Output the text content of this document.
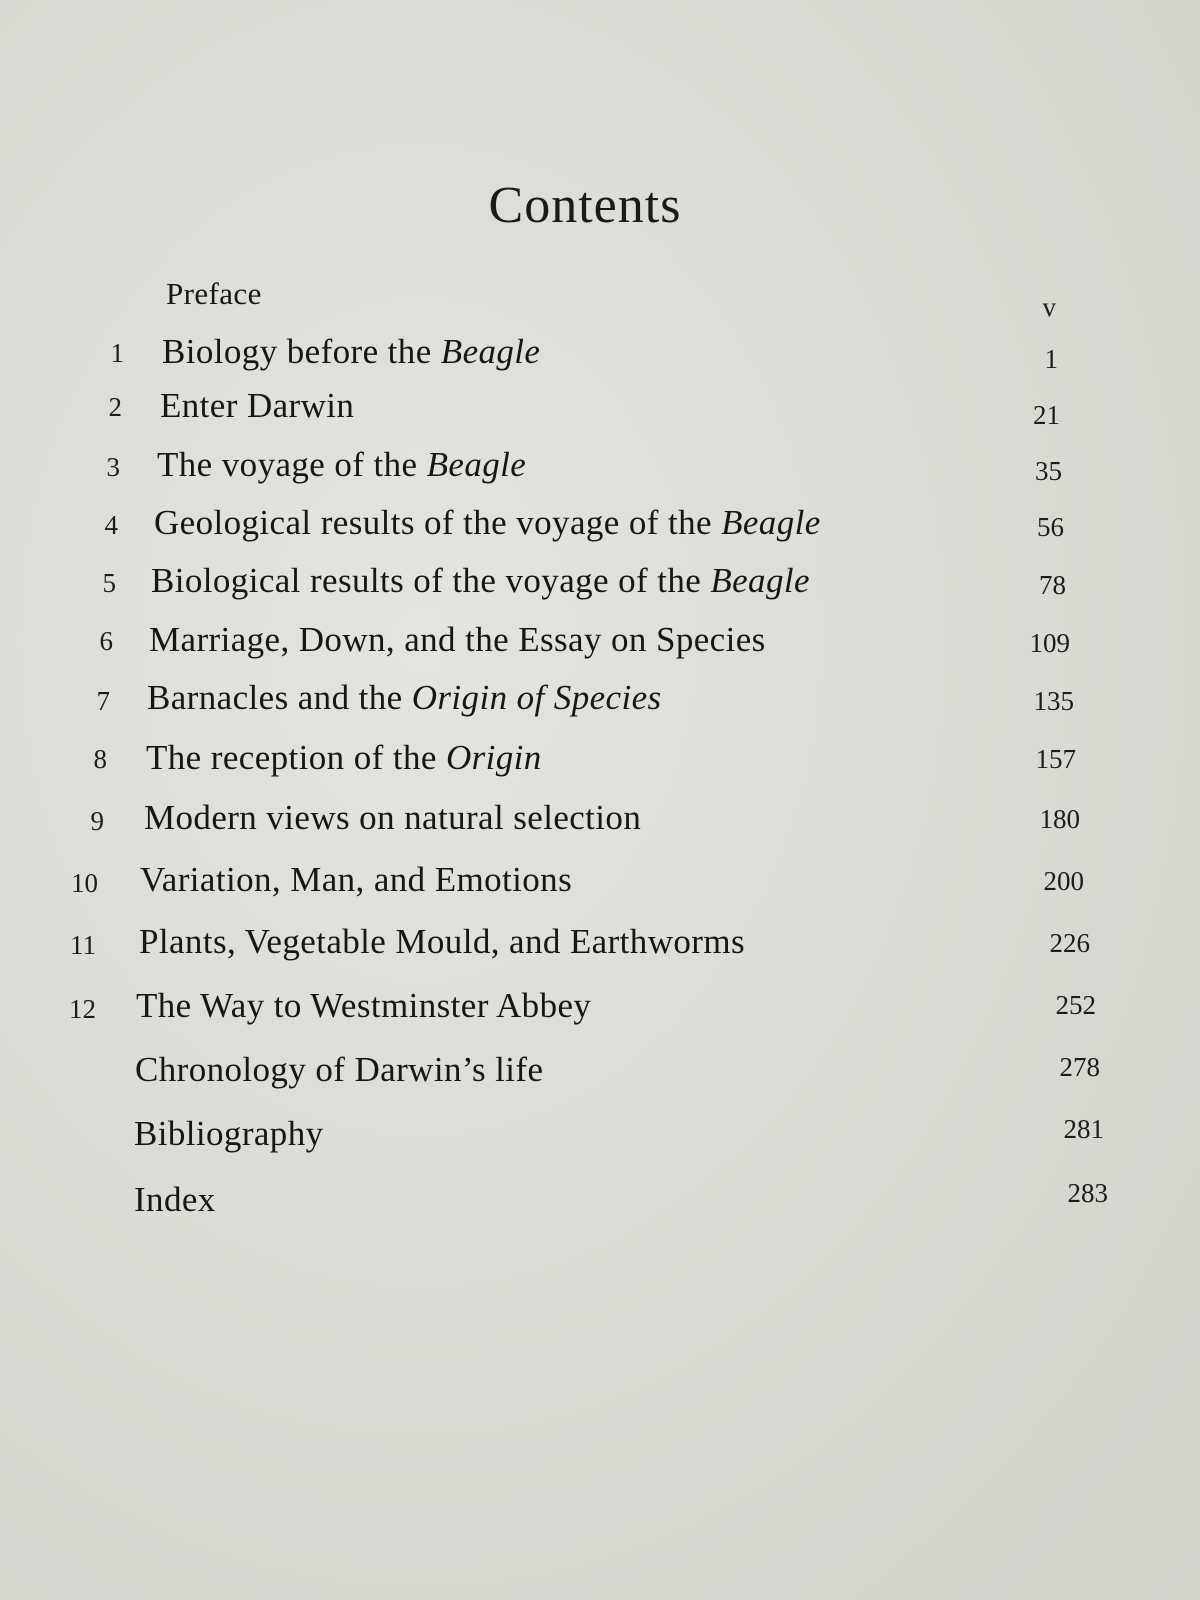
Contents
1
2
3
4
5
6
7
8
9
10
11
12
Preface
Biology before the Beagle
Enter Darwin
The voyage of the Beagle
Geological results of the voyage of the Beagle
Biological results of the voyage of the Beagle
Marriage, Down, and the Essay on Species
Barnacles and the Origin of Species
The reception of the Origin
Modern views on natural selection
Variation, Man, and Emotions
Plants, Vegetable Mould, and Earthworms
The Way to Westminster Abbey
Chronology of Darwin’s life
Bibliography
Index
v
1
21
35
56
78
109
135
157
180
200
226
252
278
281
283
